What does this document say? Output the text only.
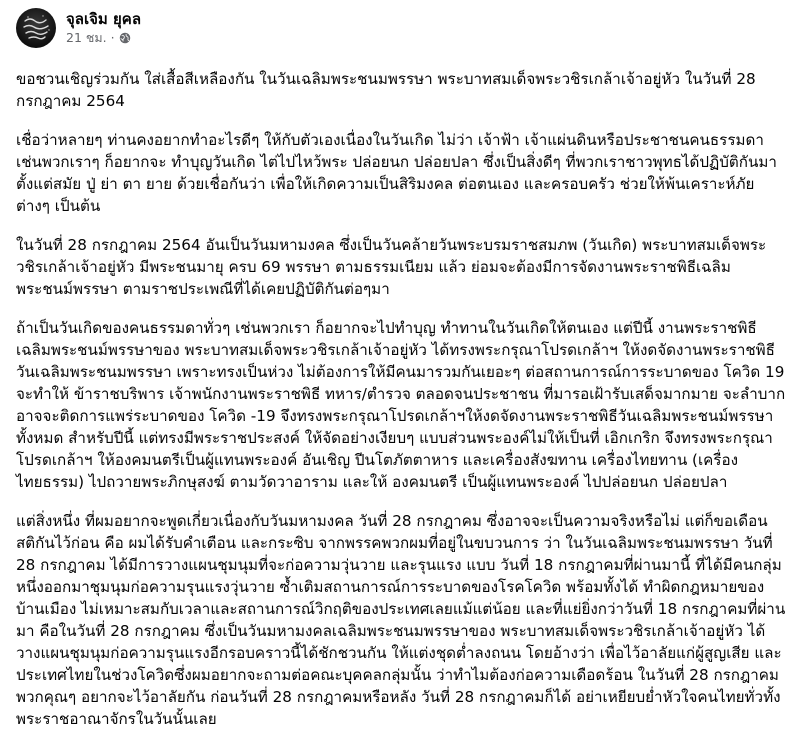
จุลเจิม ยุคล
21 ชม. ·

ขอชวนเชิญร่วมกัน ใส่เสื้อสีเหลืองกัน ในวันเฉลิมพระชนมพรรษา พระบาทสมเด็จพระวชิรเกล้าเจ้าอยู่หัว ในวันที่ 28 กรกฎาคม 2564

เชื่อว่าหลายๆ ท่านคงอยากทำอะไรดีๆ ให้กับตัวเองเนื่องในวันเกิด ไม่ว่า เจ้าฟ้า เจ้าแผ่นดินหรือประชาชนคนธรรมดา เช่นพวกเราๆ ก็อยากจะ ทำบุญวันเกิด ไต่ไปไหว้พระ ปล่อยนก ปล่อยปลา ซึ่งเป็นสิ่งดีๆ ที่พวกเราชาวพุทธได้ปฏิบัติกันมาตั้งแต่สมัย ปู่ ย่า ตา ยาย ด้วยเชื่อกันว่า เพื่อให้เกิดความเป็นสิริมงคล ต่อตนเอง และครอบครัว ช่วยให้พ้นเคราะห์ภัย ต่างๆ เป็นต้น

ในวันที่ 28 กรกฎาคม 2564 อันเป็นวันมหามงคล ซึ่งเป็นวันคล้ายวันพระบรมราชสมภพ (วันเกิด) พระบาทสมเด็จพระวชิรเกล้าเจ้าอยู่หัว มีพระชนมายุ ครบ 69 พรรษา ตามธรรมเนียม แล้ว ย่อมจะต้องมีการจัดงานพระราชพิธีเฉลิมพระชนม์พรรษา ตามราชประเพณีที่ได้เคยปฏิบัติกันต่อๆมา

ถ้าเป็นวันเกิดของคนธรรมดาทั่วๆ เช่นพวกเรา ก็อยากจะไปทำบุญ ทำทานในวันเกิดให้ตนเอง แต่ปีนี้ งานพระราชพิธีเฉลิมพระชนม์พรรษาของ พระบาทสมเด็จพระวชิรเกล้าเจ้าอยู่หัว ได้ทรงพระกรุณาโปรดเกล้าฯ ให้งดจัดงานพระราชพิธี วันเฉลิมพระชนมพรรษา เพราะทรงเป็นห่วง ไม่ต้องการให้มีคนมารวมกันเยอะๆ ต่อสถานการณ์การระบาดของ โควิด 19 จะทำให้ ข้าราชบริพาร เจ้าพนักงานพระราชพิธี ทหาร/ตำรวจ ตลอดจนประชาชน ที่มารอเฝ้ารับเสด็จมากมาย จะลำบาก อาจจะติดการแพร่ระบาดของ โควิด -19 จึงทรงพระกรุณาโปรดเกล้าฯให้งดจัดงานพระราชพิธีวันเฉลิมพระชนม์พรรษาทั้งหมด สำหรับปีนี้ แต่ทรงมีพระราชประสงค์ ให้จัดอย่างเงียบๆ แบบส่วนพระองค์ไม่ให้เป็นที่ เอิกเกริก จึงทรงพระกรุณา โปรดเกล้าฯ ให้องคมนตรีเป็นผู้แทนพระองค์ อันเชิญ ปีนโตภัตตาหาร และเครื่องสังฆทาน เครื่องไทยทาน (เครื่องไทยธรรม) ไปถวายพระภิกษุสงฆ์ ตามวัดวาอาราม และให้ องคมนตรี เป็นผู้แทนพระองค์ ไปปล่อยนก ปล่อยปลา

แต่สิ่งหนึ่ง ที่ผมอยากจะพูดเกี่ยวเนื่องกับวันมหามงคล วันที่ 28 กรกฎาคม ซึ่งอาจจะเป็นความจริงหรือไม่ แต่ก็ขอเดือนสติกันไว้ก่อน คือ ผมได้รับคำเตือน และกระซิบ จากพรรคพวกผมที่อยู่ในขบวนการ ว่า ในวันเฉลิมพระชนมพรรษา วันที่ 28 กรกฎาคม ได้มีการวางแผนชุมนุมที่จะก่อความวุ่นวาย และรุนแรง แบบ วันที่ 18 กรกฎาคมที่ผ่านมานี้ ที่ได้มีคนกลุ่มหนึ่งออกมาชุมนุมก่อความรุนแรงวุ่นวาย ซ้ำเติมสถานการณ์การระบาดของโรคโควิด พร้อมทั้งได้ ทำผิดกฎหมายของบ้านเมือง ไม่เหมาะสมกับเวลาและสถานการณ์วิกฤติของประเทศเลยแม้แต่น้อย และที่แย่ยิ่งกว่าวันที่ 18 กรกฎาคมที่ผ่านมา คือในวันที่ 28 กรกฎาคม ซึ่งเป็นวันมหามงคลเฉลิมพระชนมพรรษาของ พระบาทสมเด็จพระวชิรเกล้าเจ้าอยู่หัว ได้วางแผนชุมนุมก่อความรุนแรงอีกรอบคราวนี้ได้ชักชวนกัน ให้แต่งชุดต่ำลงถนน โดยอ้างว่า เพื่อไว้อาลัยแก่ผู้สูญเสีย และประเทศไทยในช่วงโควิดซึ่งผมอยากจะถามต่อคณะบุคคลกลุ่มนั้น ว่าทำไมต้องก่อความเดือดร้อน ในวันที่ 28 กรกฎาคม พวกคุณๆ อยากจะไว้อาลัยกัน ก่อนวันที่ 28 กรกฎาคมหรือหลัง วันที่ 28 กรกฎาคมก็ได้ อย่าเหยียบย่ำหัวใจคนไทยทั่วทั้งพระราชอาณาจักรในวันนั้นเลย
